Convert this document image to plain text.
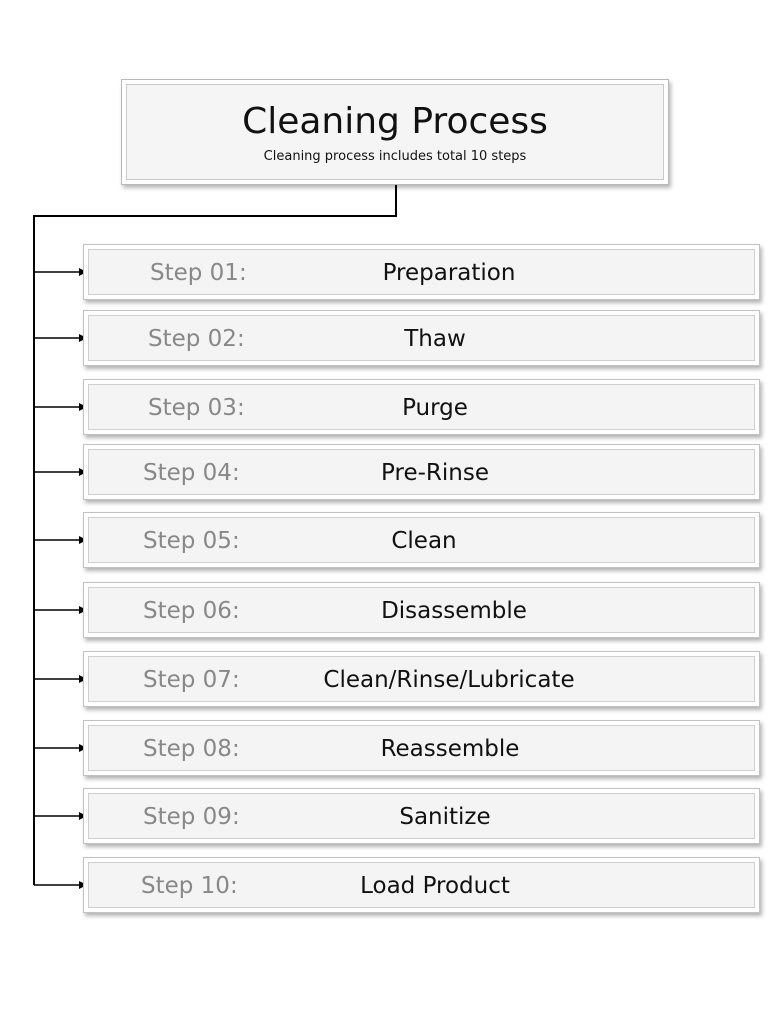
Cleaning Process
Cleaning process includes total 10 steps
Step 01:	Preparation
Step 02:	Thaw
Step 03:	Purge
Step 04:	Pre-Rinse
Step 05:	Clean
Step 06:	Disassemble
Step 07:	Clean/Rinse/Lubricate
Step 08:	Reassemble
Step 09:	Sanitize
Step 10:	Load Product
